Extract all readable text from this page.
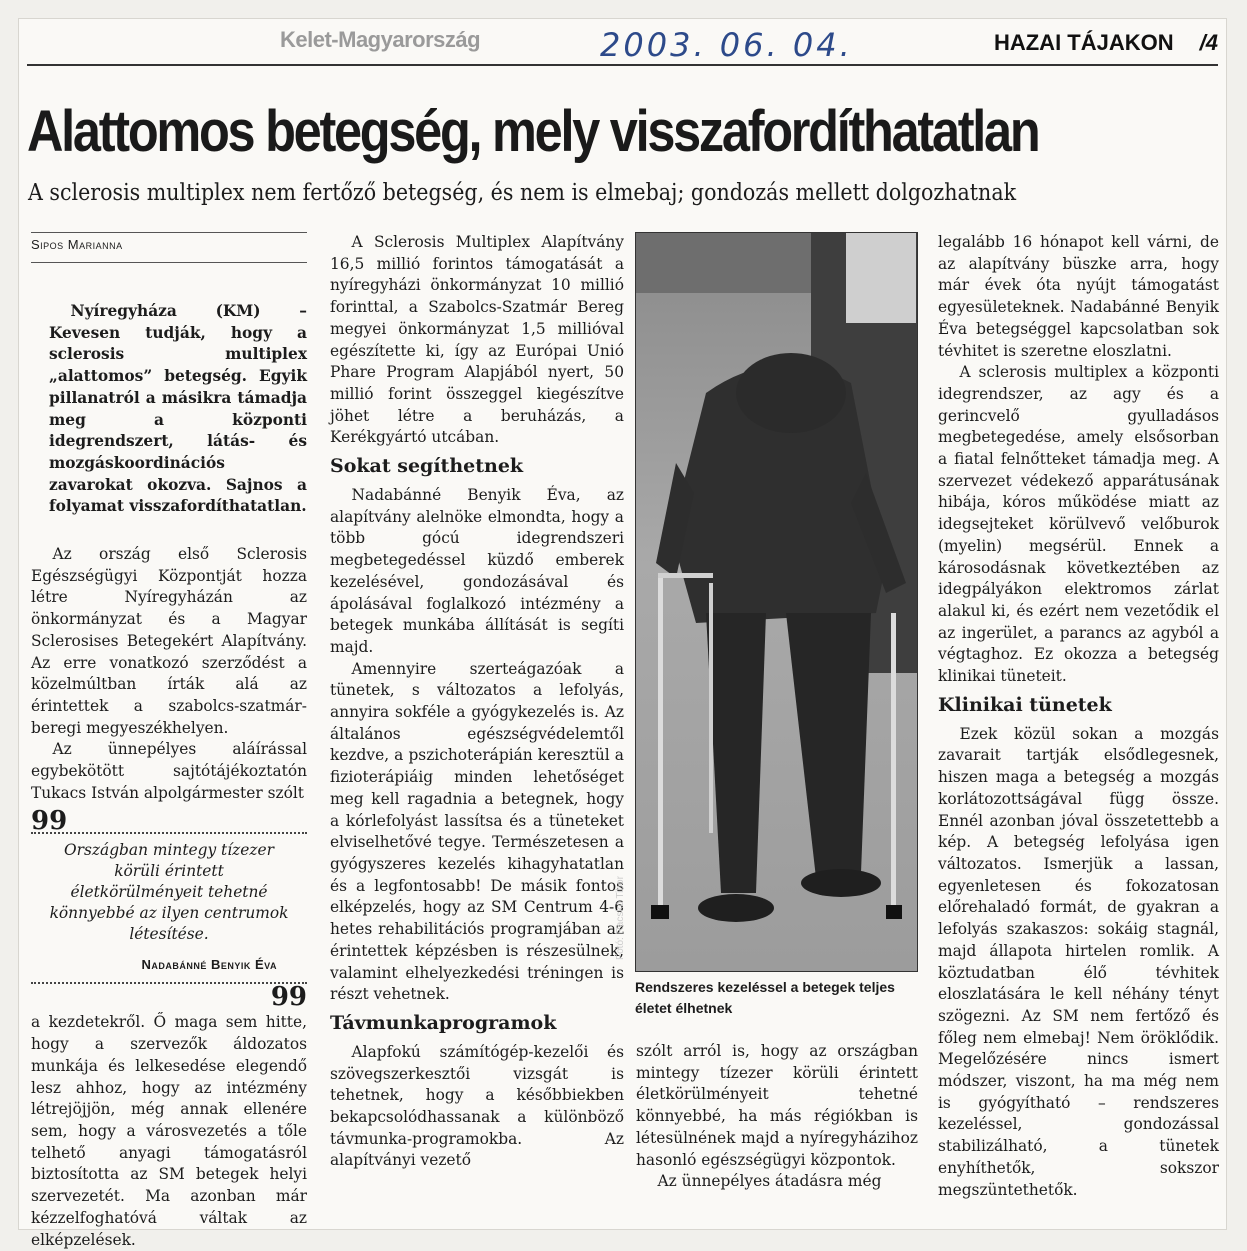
Kelet-Magyarország	2003. 06. 04.	HAZAI TÁJAKON /4
Alattomos betegség, mely visszafordíthatatlan
A sclerosis multiplex nem fertőző betegség, és nem is elmebaj; gondozás mellett dolgozhatnak
Sipos Marianna

Nyíregyháza (KM) – Kevesen tudják, hogy a sclerosis multiplex „alattomos” betegség. Egyik pillanatról a másikra támadja meg a központi idegrendszert, látás- és mozgáskoordinációs zavarokat okozva. Sajnos a folyamat visszafordíthatatlan.

Az ország első Sclerosis Egészségügyi Központját hozza létre Nyíregyházán az önkormányzat és a Magyar Sclerosises Betegekért Alapítvány. Az erre vonatkozó szerződést a közelmúltban írták alá az érintettek a szabolcs-szatmár-beregi megyeszékhelyen.

Az ünnepélyes aláírással egybekötött sajtótájékoztatón Tukacs István alpolgármester szólt

99
Országban mintegy tízezer körüli érintett életkörülményeit tehetné könnyebbé az ilyen centrumok létesítése.
Nadabánné Benyik Éva
99

a kezdetekről. Ő maga sem hitte, hogy a szervezők áldozatos munkája és lelkesedése elegendő lesz ahhoz, hogy az intézmény létrejöjjön, még annak ellenére sem, hogy a városvezetés a tőle telhető anyagi támogatásról biztosította az SM betegek helyi szervezetét. Ma azonban már kézzelfoghatóvá váltak az elképzelések.

A Sclerosis Multiplex Alapítvány 16,5 millió forintos támogatását a nyíregyházi önkormányzat 10 millió forinttal, a Szabolcs-Szatmár Bereg megyei önkormányzat 1,5 millióval egészítette ki, így az Európai Unió Phare Program Alapjából nyert, 50 millió forint összeggel kiegészítve jöhet létre a beruházás, a Kerékgyártó utcában.

Sokat segíthetnek

Nadabánné Benyik Éva, az alapítvány alelnöke elmondta, hogy a több gócú idegrendszeri megbetegedéssel küzdő emberek kezelésével, gondozásával és ápolásával foglalkozó intézmény a betegek munkába állítását is segíti majd.

Amennyire szerteágazóak a tünetek, s változatos a lefolyás, annyira sokféle a gyógykezelés is. Az általános egészségvédelemtől kezdve, a pszichoterápián keresztül a fizioterápiáig minden lehetőséget meg kell ragadnia a betegnek, hogy a kórlefolyást lassítsa és a tüneteket elviselhetővé tegye. Természetesen a gyógyszeres kezelés kihagyhatatlan és a legfontosabb! De másik fontos elképzelés, hogy az SM Centrum 4-6 hetes rehabilitációs programjában az érintettek képzésben is részesülnek, valamint elhelyezkedési tréningen is részt vehetnek.

Távmunkaprogramok

Alapfokú számítógép-kezelői és szövegszerkesztői vizsgát is tehetnek, hogy a későbbiekben bekapcsolódhassanak a különböző távmunka-programokba. Az alapítványi vezető

Fotó: Racskó Tibor
Rendszeres kezeléssel a betegek teljes életet élhetnek

szólt arról is, hogy az országban mintegy tízezer körüli érintett életkörülményeit tehetné könnyebbé, ha más régiókban is létesülnének majd a nyíregyházihoz hasonló egészségügyi központok.

Az ünnepélyes átadásra még

legalább 16 hónapot kell várni, de az alapítvány büszke arra, hogy már évek óta nyújt támogatást egyesületeknek. Nadabánné Benyik Éva betegséggel kapcsolatban sok tévhitet is szeretne eloszlatni.

A sclerosis multiplex a központi idegrendszer, az agy és a gerincvelő gyulladásos megbetegedése, amely elsősorban a fiatal felnőtteket támadja meg. A szervezet védekező apparátusának hibája, kóros működése miatt az idegsejteket körülvevő velőburok (myelin) megsérül. Ennek a károsodásnak következtében az idegpályákon elektromos zárlat alakul ki, és ezért nem vezetődik el az ingerület, a parancs az agyból a végtaghoz. Ez okozza a betegség klinikai tüneteit.

Klinikai tünetek

Ezek közül sokan a mozgás zavarait tartják elsődlegesnek, hiszen maga a betegség a mozgás korlátozottságával függ össze. Ennél azonban jóval összetettebb a kép. A betegség lefolyása igen változatos. Ismerjük a lassan, egyenletesen és fokozatosan előrehaladó formát, de gyakran a lefolyás szakaszos: sokáig stagnál, majd állapota hirtelen romlik. A köztudatban élő tévhitek eloszlatására le kell néhány tényt szögezni. Az SM nem fertőző és főleg nem elmebaj! Nem öröklődik. Megelőzésére nincs ismert módszer, viszont, ha ma még nem is gyógyítható – rendszeres kezeléssel, gondozással stabilizálható, a tünetek enyhíthetők, sokszor megszüntethetők.
